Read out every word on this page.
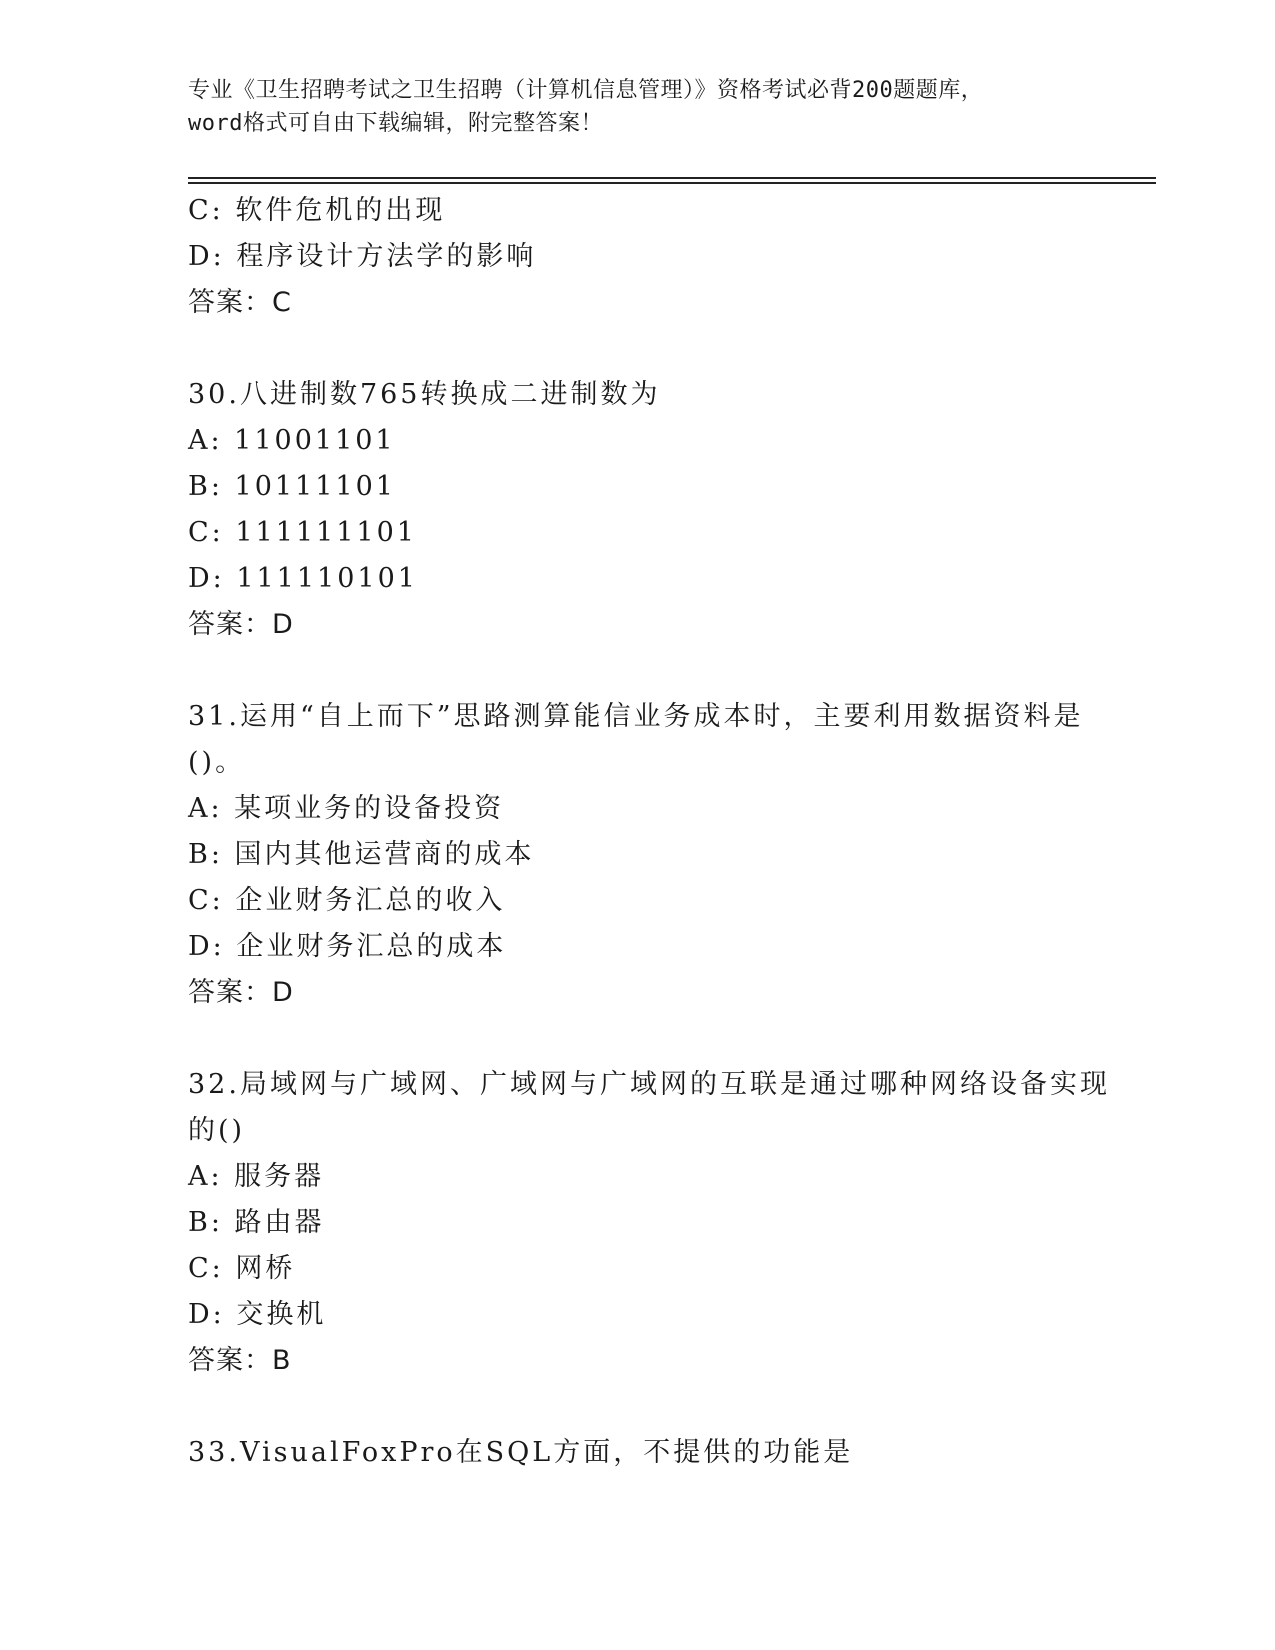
专业《卫生招聘考试之卫生招聘（计算机信息管理）》资格考试必背200题题库，
word格式可自由下载编辑，附完整答案！
C: 软件危机的出现
D: 程序设计方法学的影响
答案：C
30.八进制数765转换成二进制数为
A: 11001101
B: 10111101
C: 111111101
D: 111110101
答案：D
31.运用“自上而下”思路测算能信业务成本时，主要利用数据资料是
()。
A: 某项业务的设备投资
B: 国内其他运营商的成本
C: 企业财务汇总的收入
D: 企业财务汇总的成本
答案：D
32.局域网与广域网、广域网与广域网的互联是通过哪种网络设备实现
的()
A: 服务器
B: 路由器
C: 网桥
D: 交换机
答案：B
33.VisualFoxPro在SQL方面，不提供的功能是
